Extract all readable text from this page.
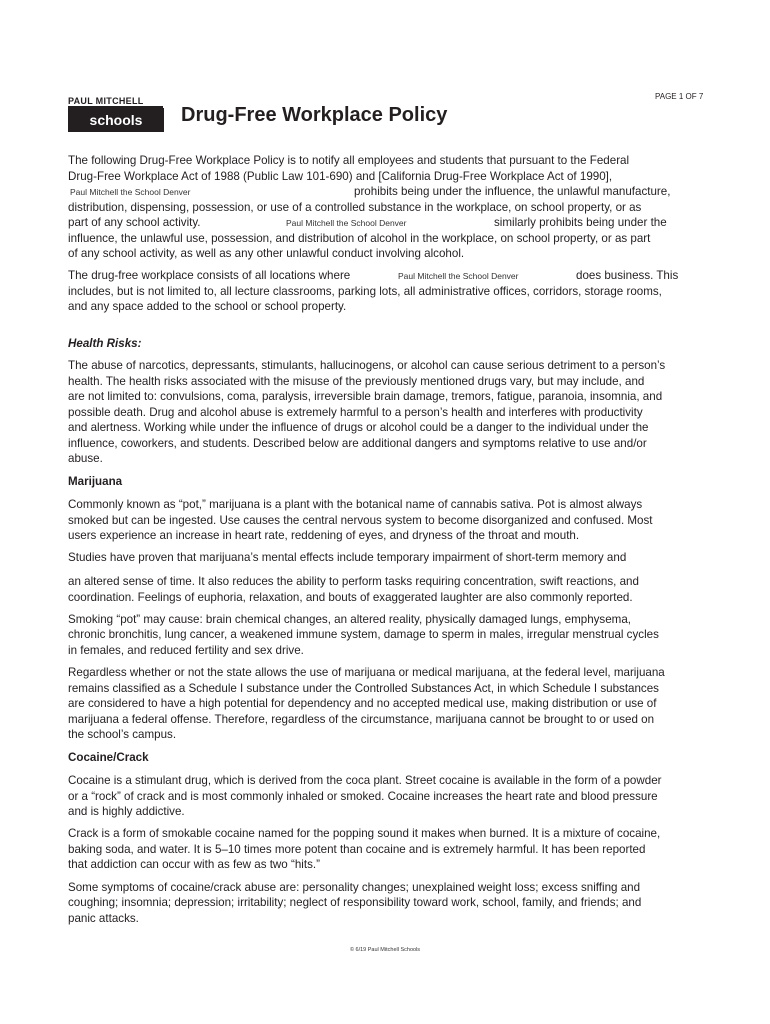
PAUL MITCHELL
schools
PAGE 1 OF 7
Drug-Free Workplace Policy
The following Drug-Free Workplace Policy is to notify all employees and students that pursuant to the Federal
Drug-Free Workplace Act of 1988 (Public Law 101-690) and [California Drug-Free Workplace Act of 1990],
Paul Mitchell the School Denver	prohibits being under the influence, the unlawful manufacture,
distribution, dispensing, possession, or use of a controlled substance in the workplace, on school property, or as
part of any school activity.	Paul Mitchell the School Denver	similarly prohibits being under the
influence, the unlawful use, possession, and distribution of alcohol in the workplace, on school property, or as part
of any school activity, as well as any other unlawful conduct involving alcohol.
The drug-free workplace consists of all locations where	Paul Mitchell the School Denver	does business. This
includes, but is not limited to, all lecture classrooms, parking lots, all administrative offices, corridors, storage rooms,
and any space added to the school or school property.
Health Risks:
The abuse of narcotics, depressants, stimulants, hallucinogens, or alcohol can cause serious detriment to a person’s
health. The health risks associated with the misuse of the previously mentioned drugs vary, but may include, and
are not limited to: convulsions, coma, paralysis, irreversible brain damage, tremors, fatigue, paranoia, insomnia, and
possible death. Drug and alcohol abuse is extremely harmful to a person’s health and interferes with productivity
and alertness. Working while under the influence of drugs or alcohol could be a danger to the individual under the
influence, coworkers, and students. Described below are additional dangers and symptoms relative to use and/or
abuse.
Marijuana
Commonly known as “pot,” marijuana is a plant with the botanical name of cannabis sativa. Pot is almost always
smoked but can be ingested. Use causes the central nervous system to become disorganized and confused. Most
users experience an increase in heart rate, reddening of eyes, and dryness of the throat and mouth.
Studies have proven that marijuana’s mental effects include temporary impairment of short-term memory and
an altered sense of time. It also reduces the ability to perform tasks requiring concentration, swift reactions, and
coordination. Feelings of euphoria, relaxation, and bouts of exaggerated laughter are also commonly reported.
Smoking “pot” may cause: brain chemical changes, an altered reality, physically damaged lungs, emphysema,
chronic bronchitis, lung cancer, a weakened immune system, damage to sperm in males, irregular menstrual cycles
in females, and reduced fertility and sex drive.
Regardless whether or not the state allows the use of marijuana or medical marijuana, at the federal level, marijuana
remains classified as a Schedule I substance under the Controlled Substances Act, in which Schedule I substances
are considered to have a high potential for dependency and no accepted medical use, making distribution or use of
marijuana a federal offense. Therefore, regardless of the circumstance, marijuana cannot be brought to or used on
the school’s campus.
Cocaine/Crack
Cocaine is a stimulant drug, which is derived from the coca plant. Street cocaine is available in the form of a powder
or a “rock” of crack and is most commonly inhaled or smoked. Cocaine increases the heart rate and blood pressure
and is highly addictive.
Crack is a form of smokable cocaine named for the popping sound it makes when burned. It is a mixture of cocaine,
baking soda, and water. It is 5–10 times more potent than cocaine and is extremely harmful. It has been reported
that addiction can occur with as few as two “hits.”
Some symptoms of cocaine/crack abuse are: personality changes; unexplained weight loss; excess sniffing and
coughing; insomnia; depression; irritability; neglect of responsibility toward work, school, family, and friends; and
panic attacks.
© 6/19 Paul Mitchell Schools
